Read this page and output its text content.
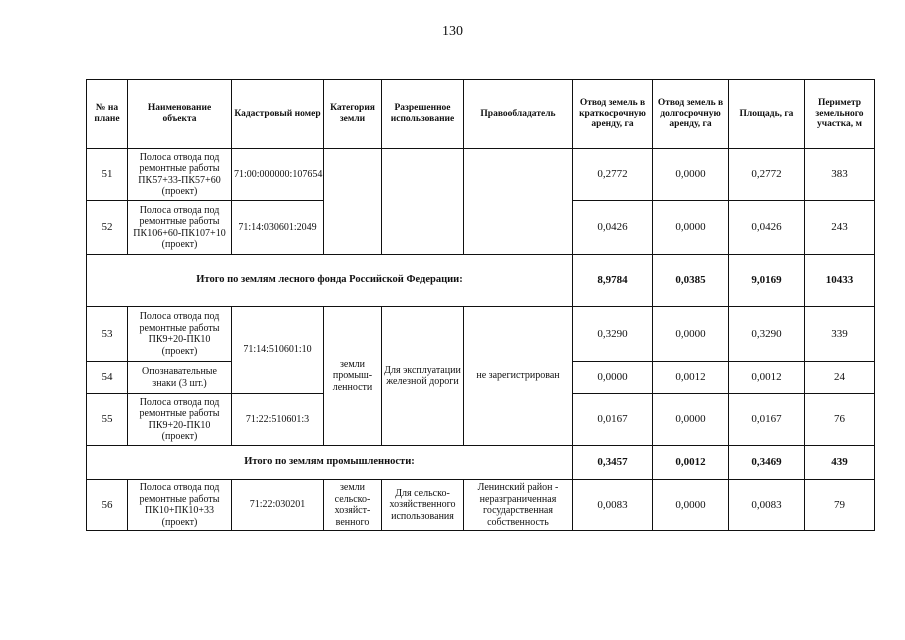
130
№ на плане	Наименование объекта	Кадастровый номер	Категория земли	Разрешенное использование	Правообладатель	Отвод земель в краткосрочную аренду, га	Отвод земель в долгосрочную аренду, га	Площадь, га	Периметр земельного участка, м
51	Полоса отвода под ремонтные работы ПК57+33-ПК57+60 (проект)	71:00:000000:107654				0,2772	0,0000	0,2772	383
52	Полоса отвода под ремонтные работы ПК106+60-ПК107+10 (проект)	71:14:030601:2049				0,0426	0,0000	0,0426	243
Итого по землям лесного фонда Российской Федерации:						8,9784	0,0385	9,0169	10433
53	Полоса отвода под ремонтные работы ПК9+20-ПК10 (проект)	71:14:510601:10	земли промыш-ленности	Для эксплуатации железной дороги	не зарегистрирован	0,3290	0,0000	0,3290	339
54	Опознавательные знаки (3 шт.)					0,0000	0,0012	0,0012	24
55	Полоса отвода под ремонтные работы ПК9+20-ПК10 (проект)	71:22:510601:3				0,0167	0,0000	0,0167	76
Итого по землям промышленности:						0,3457	0,0012	0,3469	439
56	Полоса отвода под ремонтные работы ПК10+ПК10+33 (проект)	71:22:030201	земли сельско-хозяйст-венного	Для сельско-хозяйственного использования	Ленинский район - неразграниченная государственная собственность	0,0083	0,0000	0,0083	79
